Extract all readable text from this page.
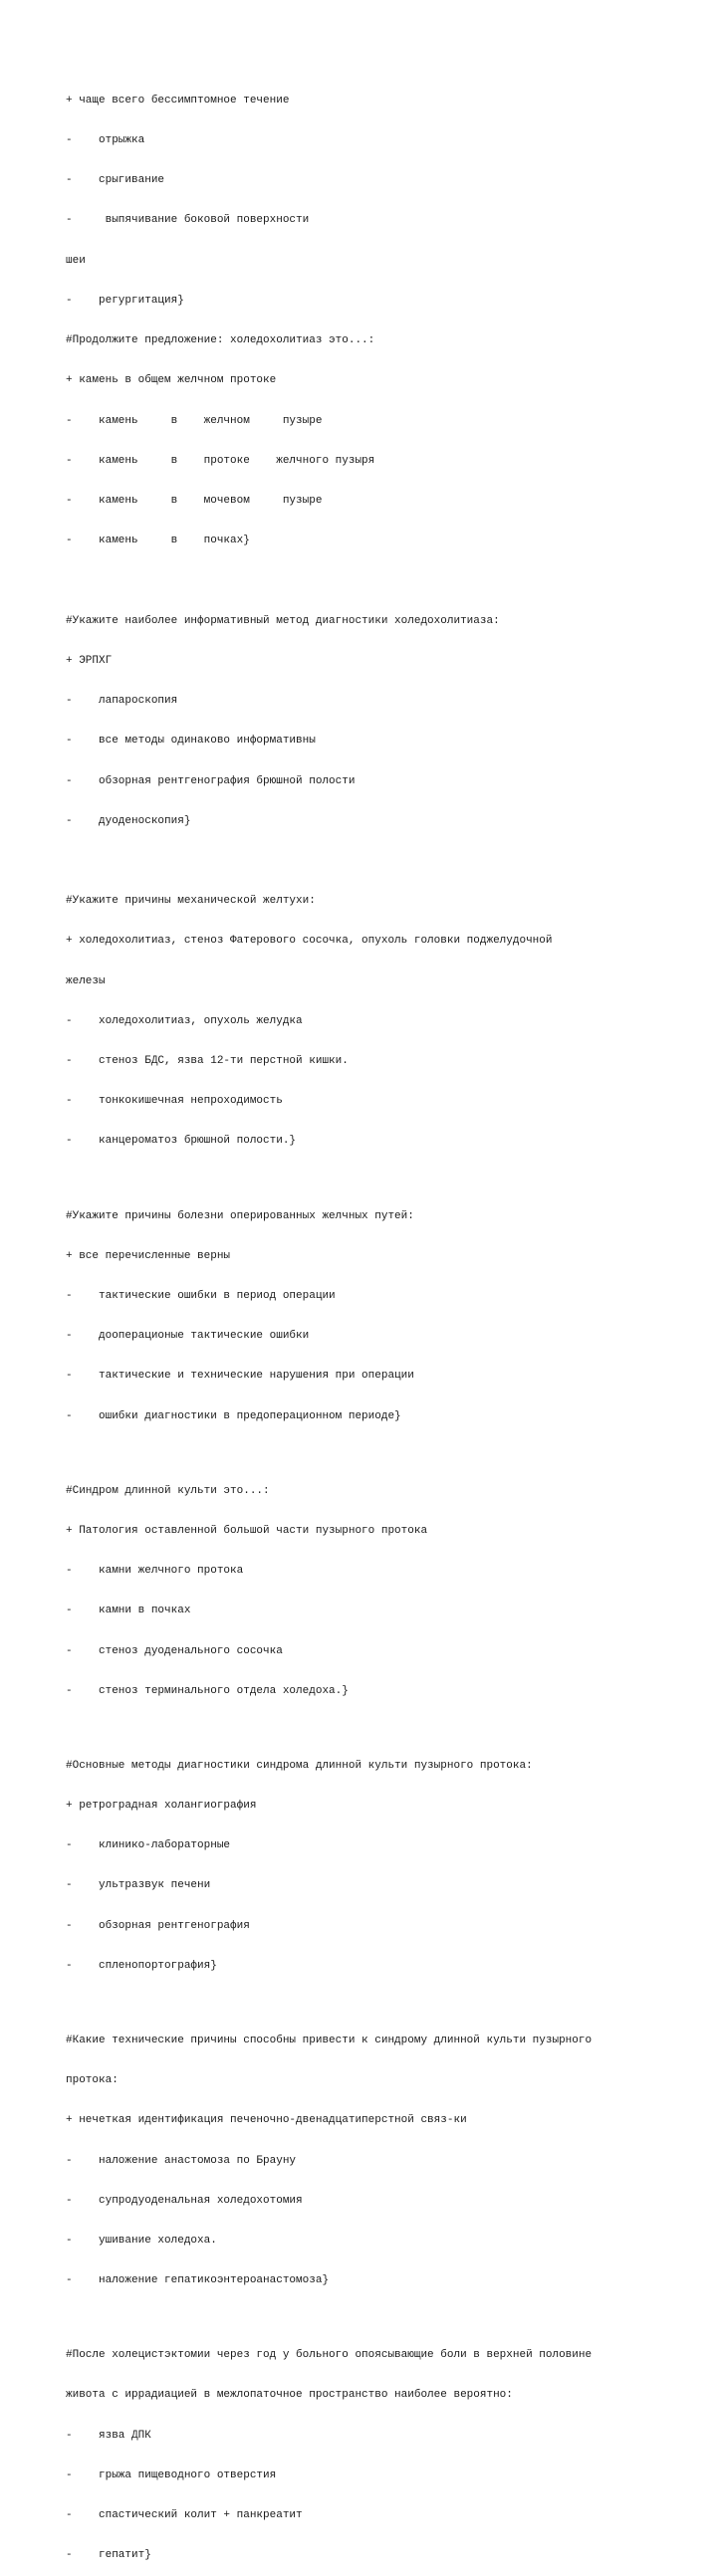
+ чаще всего бессимптомное течение

-    отрыжка

-    срыгивание

-     выпячивание боковой поверхности

шеи

-    регургитация}

#Продолжите предложение: холедохолитиаз это...:

+ камень в общем желчном протоке

-    камень     в    желчном     пузыре

-    камень     в    протоке    желчного пузыря

-    камень     в    мочевом     пузыре

-    камень     в    почках}

#Укажите наиболее информативный метод диагностики холедохолитиаза:

+ ЭРПХГ

-    лапароскопия

-    все методы одинаково информативны

-    обзорная рентгенография брюшной полости

-    дуоденоскопия}

#Укажите причины механической желтухи:

+ холедохолитиаз, стеноз Фатерового сосочка, опухоль головки поджелудочной

железы

-    холедохолитиаз, опухоль желудка

-    стеноз БДС, язва 12-ти перстной кишки.

-    тонкокишечная непроходимость

-    канцероматоз брюшной полости.}

#Укажите причины болезни оперированных желчных путей:

+ все перечисленные верны

-    тактические ошибки в период операции

-    дооперационые тактические ошибки

-    тактические и технические нарушения при операции

-    ошибки диагностики в предоперационном периоде}

#Синдром длинной культи это...:

+ Патология оставленной большой части пузырного протока

-    камни желчного протока

-    камни в почках

-    стеноз дуоденального сосочка

-    стеноз терминального отдела холедоха.}

#Основные методы диагностики синдрома длинной культи пузырного протока:

+ ретроградная холангиография

-    клинико-лабораторные

-    ультразвук печени

-    обзорная рентгенография

-    спленопортография}

#Какие технические причины способны привести к синдрому длинной культи пузырного

протока:

+ нечеткая идентификация печеночно-двенадцатиперстной связ-ки

-    наложение анастомоза по Брауну

-    супродуоденальная холедохотомия

-    ушивание холедоха.

-    наложение гепатикоэнтероанастомоза}

#После холецистэктомии через год у больного опоясывающие боли в верхней половине

живота с иррадиацией в межлопаточное пространство наиболее вероятно:

-    язва ДПК

-    грыжа пищеводного отверстия

-    спастический колит + панкреатит

-    гепатит}
